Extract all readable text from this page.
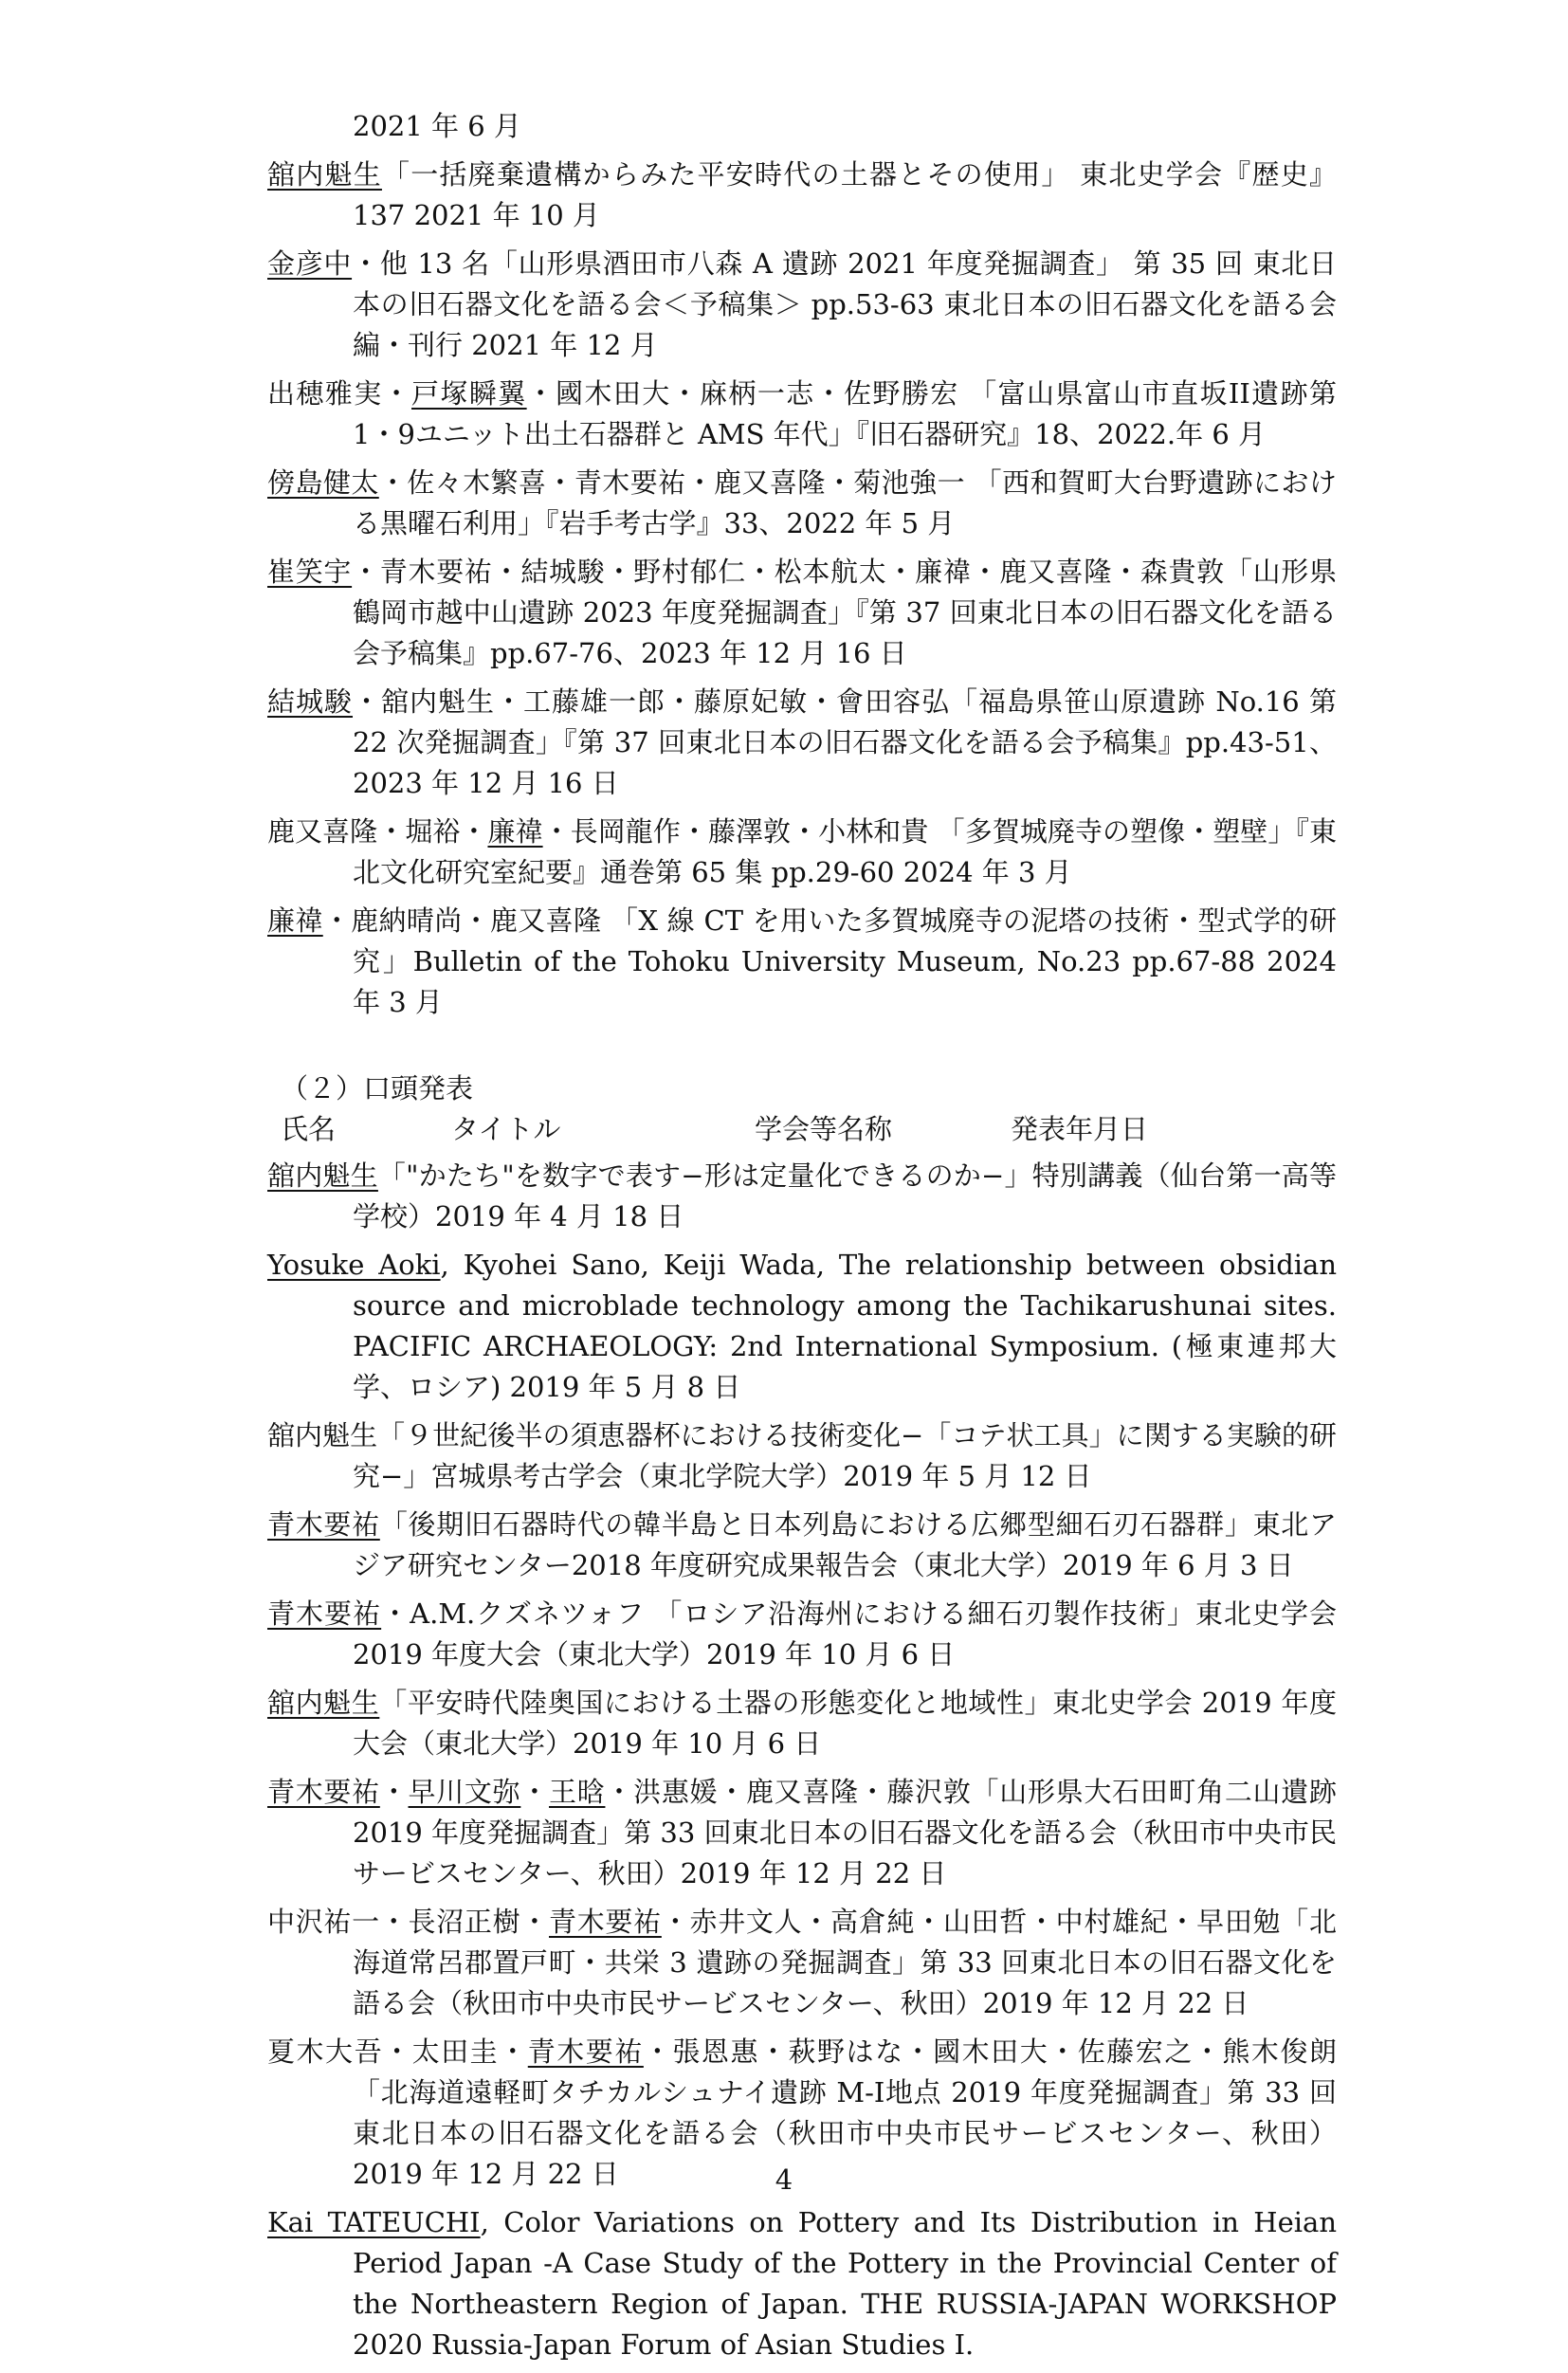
2021 年 6 月

舘内魁生「一括廃棄遺構からみた平安時代の土器とその使用」 東北史学会『歴史』137 2021 年 10 月

金彦中・他 13 名「山形県酒田市八森 A 遺跡 2021 年度発掘調査」 第 35 回 東北日本の旧石器文化を語る会＜予稿集＞ pp.53-63 東北日本の旧石器文化を語る会編・刊行 2021 年 12 月

出穂雅実・戸塚瞬翼・國木田大・麻柄一志・佐野勝宏 「富山県富山市直坂II遺跡第 1・9ユニット出土石器群と AMS 年代」『旧石器研究』18、2022.年 6 月

傍島健太・佐々木繁喜・青木要祐・鹿又喜隆・菊池強一 「西和賀町大台野遺跡における黒曜石利用」『岩手考古学』33、2022 年 5 月

崔笑宇・青木要祐・結城駿・野村郁仁・松本航太・廉禕・鹿又喜隆・森貴敦「山形県鶴岡市越中山遺跡 2023 年度発掘調査」『第 37 回東北日本の旧石器文化を語る会予稿集』pp.67-76、2023 年 12 月 16 日

結城駿・舘内魁生・工藤雄一郎・藤原妃敏・會田容弘「福島県笹山原遺跡 No.16 第 22 次発掘調査」『第 37 回東北日本の旧石器文化を語る会予稿集』pp.43-51、2023 年 12 月 16 日

鹿又喜隆・堀裕・廉禕・長岡龍作・藤澤敦・小林和貴 「多賀城廃寺の塑像・塑壁」『東北文化研究室紀要』通巻第 65 集 pp.29-60 2024 年 3 月

廉禕・鹿納晴尚・鹿又喜隆 「X 線 CT を用いた多賀城廃寺の泥塔の技術・型式学的研究」Bulletin of the Tohoku University Museum, No.23 pp.67-88 2024 年 3 月

（２）口頭発表
氏名	タイトル	学会等名称	発表年月日

舘内魁生「"かたち"を数字で表す−形は定量化できるのか−」特別講義（仙台第一高等学校）2019 年 4 月 18 日

Yosuke Aoki, Kyohei Sano, Keiji Wada, The relationship between obsidian source and microblade technology among the Tachikarushunai sites. PACIFIC ARCHAEOLOGY: 2nd International Symposium. (極東連邦大学、ロシア) 2019 年 5 月 8 日

舘内魁生「９世紀後半の須恵器杯における技術変化−「コテ状工具」に関する実験的研究−」宮城県考古学会（東北学院大学）2019 年 5 月 12 日

青木要祐「後期旧石器時代の韓半島と日本列島における広郷型細石刃石器群」東北アジア研究センター2018 年度研究成果報告会（東北大学）2019 年 6 月 3 日

青木要祐・A.M.クズネツォフ 「ロシア沿海州における細石刃製作技術」東北史学会 2019 年度大会（東北大学）2019 年 10 月 6 日

舘内魁生「平安時代陸奥国における土器の形態変化と地域性」東北史学会 2019 年度大会（東北大学）2019 年 10 月 6 日

青木要祐・早川文弥・王晗・洪惠媛・鹿又喜隆・藤沢敦「山形県大石田町角二山遺跡 2019 年度発掘調査」第 33 回東北日本の旧石器文化を語る会（秋田市中央市民サービスセンター、秋田）2019 年 12 月 22 日

中沢祐一・長沼正樹・青木要祐・赤井文人・高倉純・山田哲・中村雄紀・早田勉「北海道常呂郡置戸町・共栄 3 遺跡の発掘調査」第 33 回東北日本の旧石器文化を語る会（秋田市中央市民サービスセンター、秋田）2019 年 12 月 22 日

夏木大吾・太田圭・青木要祐・張恩惠・萩野はな・國木田大・佐藤宏之・熊木俊朗「北海道遠軽町タチカルシュナイ遺跡 M-I地点 2019 年度発掘調査」第 33 回東北日本の旧石器文化を語る会（秋田市中央市民サービスセンター、秋田）2019 年 12 月 22 日

Kai TATEUCHI, Color Variations on Pottery and Its Distribution in Heian Period Japan -A Case Study of the Pottery in the Provincial Center of the Northeastern Region of Japan. THE RUSSIA-JAPAN WORKSHOP 2020 Russia-Japan Forum of Asian Studies I.

4
